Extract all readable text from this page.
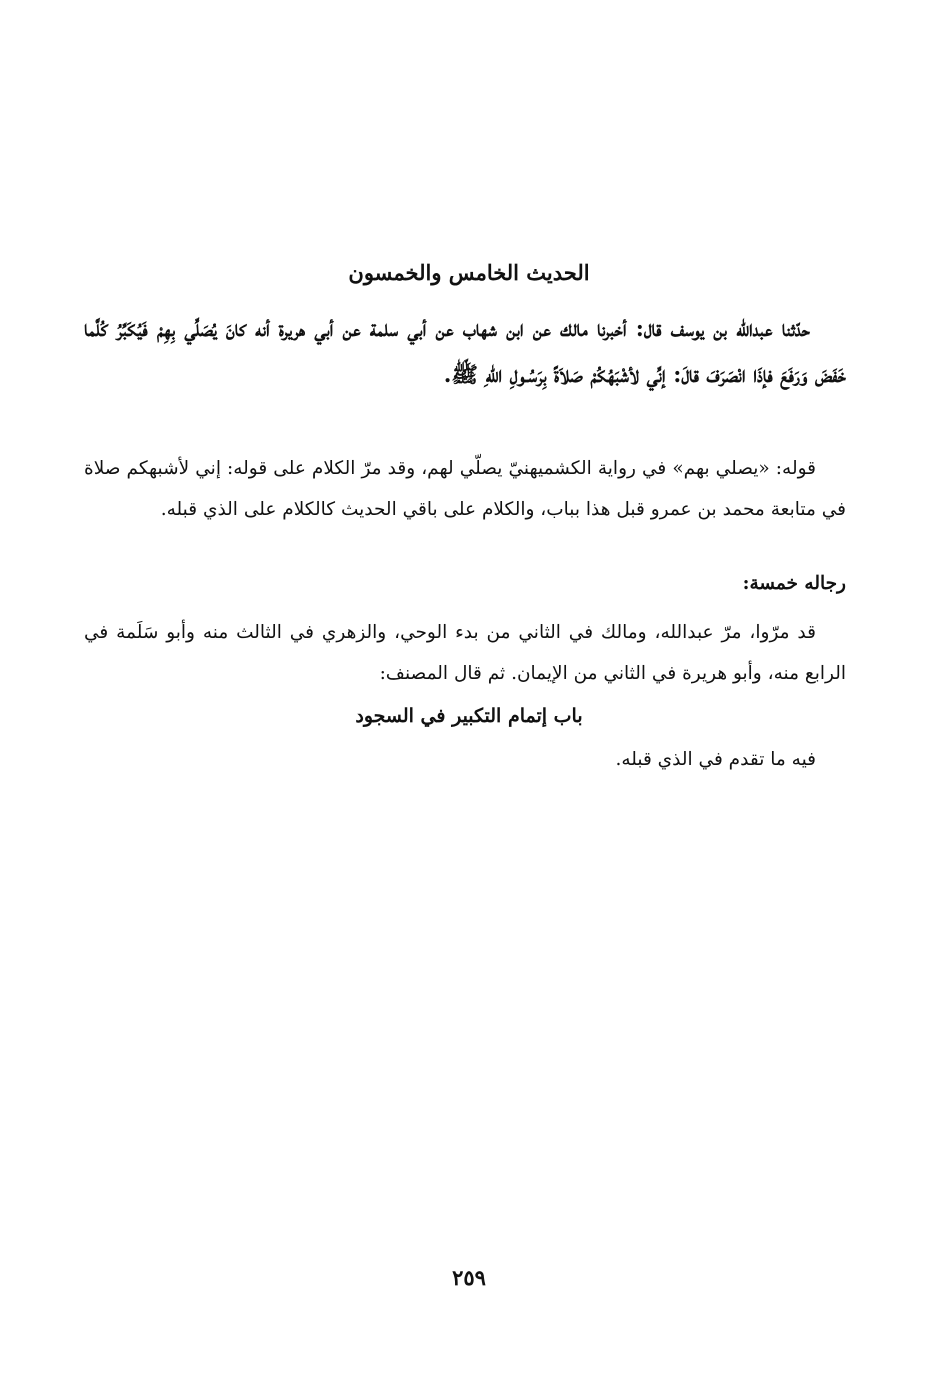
الحديث الخامس والخمسون

حدّثنا عبدالله بن يوسف قال: أخبرنا مالك عن ابن شهاب عن أبي سلمة عن أبي هريرة أنه كانَ يُصَلِّي بِهِمْ فَيُكَبِّرُ كُلَّما خَفَضَ وَرَفَعَ فإذَا انْصَرَفَ قالَ: إنِّي لأشْبَهُكُمْ صَلاَةً بِرَسُـولِ اللهِ ﷺ.

قوله: «يصلي بهم» في رواية الكشميهنيّ يصلّي لهم، وقد مرّ الكلام على قوله: إني لأشبهكم صلاة في متابعة محمد بن عمرو قبل هذا بباب، والكلام على باقي الحديث كالكلام على الذي قبله.

رجاله خمسة:

قد مرّوا، مرّ عبدالله، ومالك في الثاني من بدء الوحي، والزهري في الثالث منه وأبو سَلَمة في الرابع منه، وأبو هريرة في الثاني من الإيمان. ثم قال المصنف:

باب إتمام التكبير في السجود

فيه ما تقدم في الذي قبله.

٢٥٩
